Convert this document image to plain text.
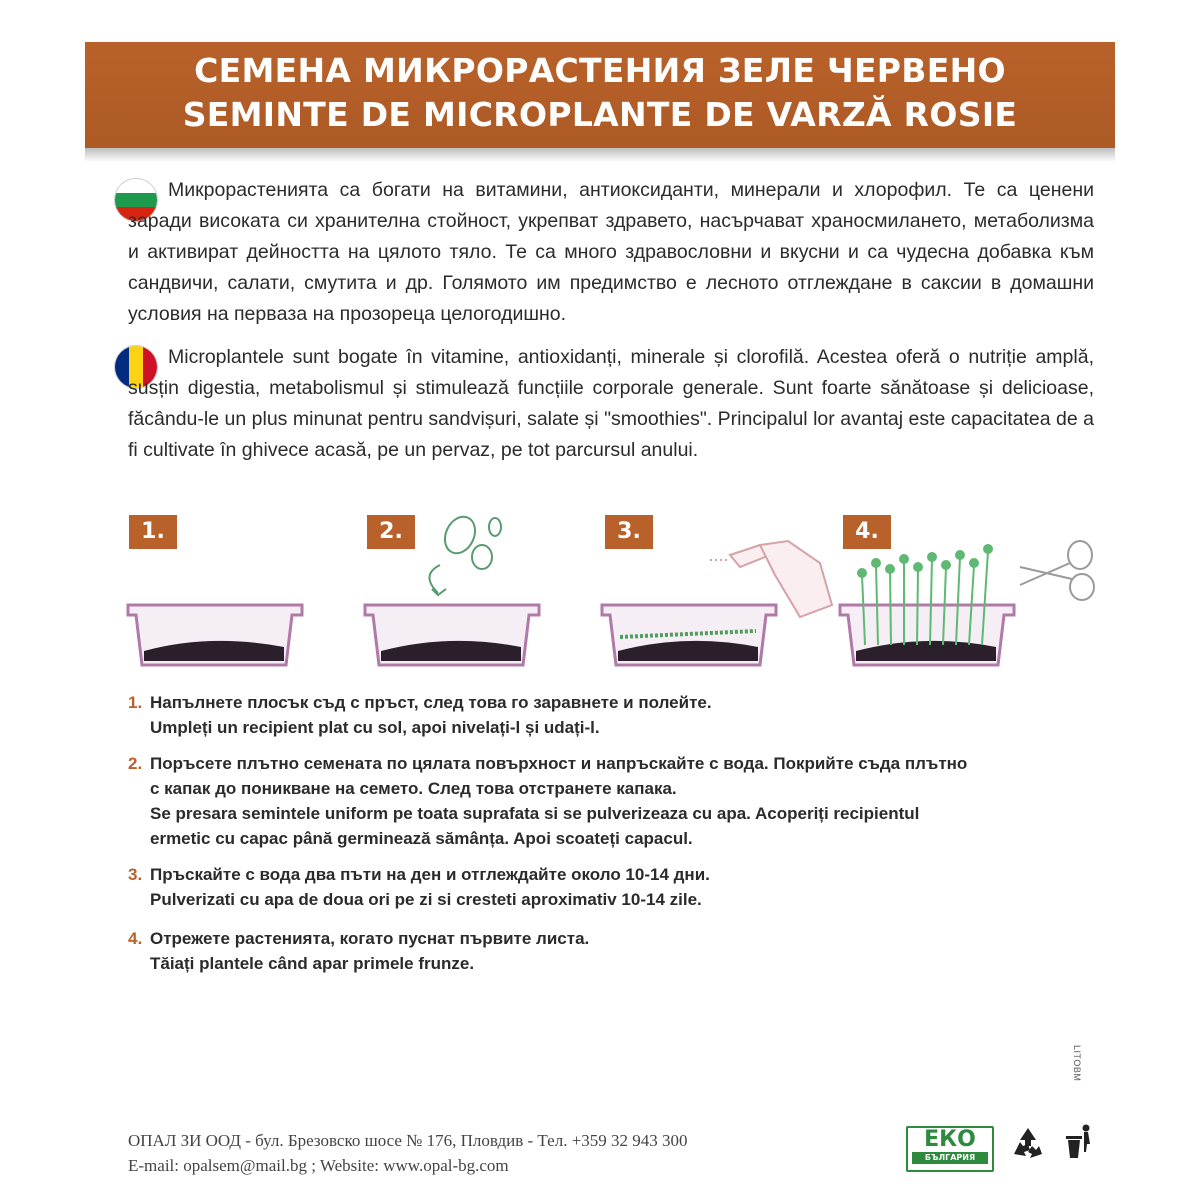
СЕМЕНА МИКРОРАСТЕНИЯ ЗЕЛЕ ЧЕРВЕНО
SEMINTE DE MICROPLANTE DE VARZĂ ROSIE
Микрорастенията са богати на витамини, антиоксиданти, минерали и хлорофил. Те са ценени заради високата си хранителна стойност, укрепват здравето, насърчават храносмилането, метаболизма и активират дейността на цялото тяло. Те са много здравословни и вкусни и са чудесна добавка към сандвичи, салати, смутита и др. Голямото им предимство е лесното отглеждане в саксии в домашни условия на первaза на прозореца целогодишно.
Microplantele sunt bogate în vitamine, antioxidanți, minerale și clorofilă. Acestea oferă o nutriție amplă, susțin digestia, metabolismul și stimulează funcțiile corporale generale. Sunt foarte sănătoase și delicioase, făcându-le un plus minunat pentru sandvișuri, salate și "smoothies". Principalul lor avantaj este capacitatea de a fi cultivate în ghivece acasă, pe un pervaz, pe tot parcursul anului.
1.	2.	3.	4.
1. Напълнете плосък съд с пръст, след това го заравнете и полейте.
Umpleți un recipient plat cu sol, apoi nivelați-l și udați-l.
2. Поръсете плътно семената по цялата повърхност и напръскайте с вода. Покрийте съда плътно
с капак до поникване на семето. След това отстранете капака.
Se presara semintele uniform pe toata suprafata si se pulverizeaza cu apa. Acoperiți recipientul
ermetic cu capac până germinează sămânța. Apoi scoateți capacul.
3. Пръскайте с вода два пъти на ден и отглеждайте около 10-14 дни.
Pulverizati cu apa de doua ori pe zi si cresteti aproximativ 10-14 zile.
4. Отрежете растенията, когато пуснат първите листа.
Tăiați plantele când apar primele frunze.
LITOBM
ОПАЛ ЗИ ООД - бул. Брезовско шосе № 176, Пловдив - Тел. +359 32 943 300
E-mail: opalsem@mail.bg ; Website: www.opal-bg.com
ЕКО
БЪЛГАРИЯ
